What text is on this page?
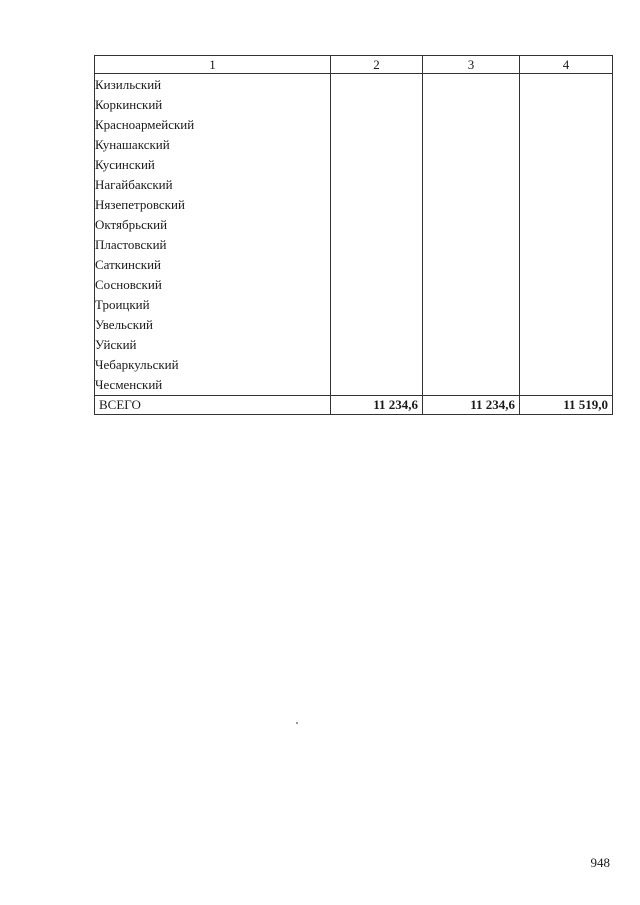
1	2	3	4
Кизильский			
Коркинский			
Красноармейский			
Кунашакский			
Кусинский			
Нагайбакский			
Нязепетровский			
Октябрьский			
Пластовский			
Саткинский			
Сосновский			
Троицкий			
Увельский			
Уйский			
Чебаркульский			
Чесменский			
ВСЕГО	11 234,6	11 234,6	11 519,0
948
